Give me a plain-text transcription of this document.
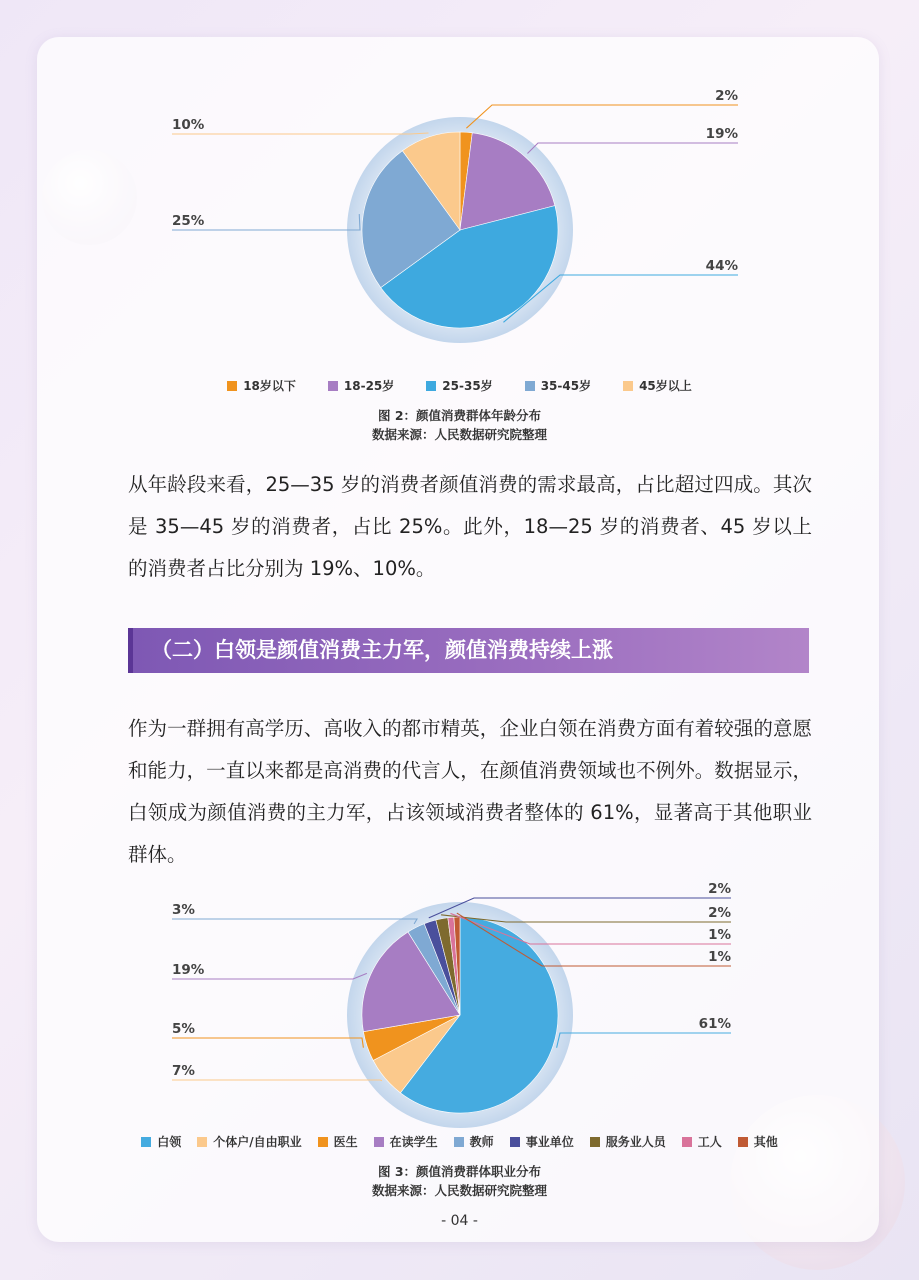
2%
19%
44%
25%
10%
18岁以下	18-25岁	25-35岁	35-45岁	45岁以上
图 2：颜值消费群体年龄分布
数据来源：人民数据研究院整理

从年龄段来看，25—35 岁的消费者颜值消费的需求最高，占比超过四成。其次是 35—45 岁的消费者，占比 25%。此外，18—25 岁的消费者、45 岁以上的消费者占比分别为 19%、10%。

（二）白领是颜值消费主力军，颜值消费持续上涨

作为一群拥有高学历、高收入的都市精英，企业白领在消费方面有着较强的意愿和能力，一直以来都是高消费的代言人，在颜值消费领域也不例外。数据显示，白领成为颜值消费的主力军，占该领域消费者整体的 61%，显著高于其他职业群体。

61%
7%
5%
19%
3%
2%
2%
1%
1%
白领	个体户/自由职业	医生	在读学生	教师	事业单位	服务业人员	工人	其他
图 3：颜值消费群体职业分布
数据来源：人民数据研究院整理
- 04 -
